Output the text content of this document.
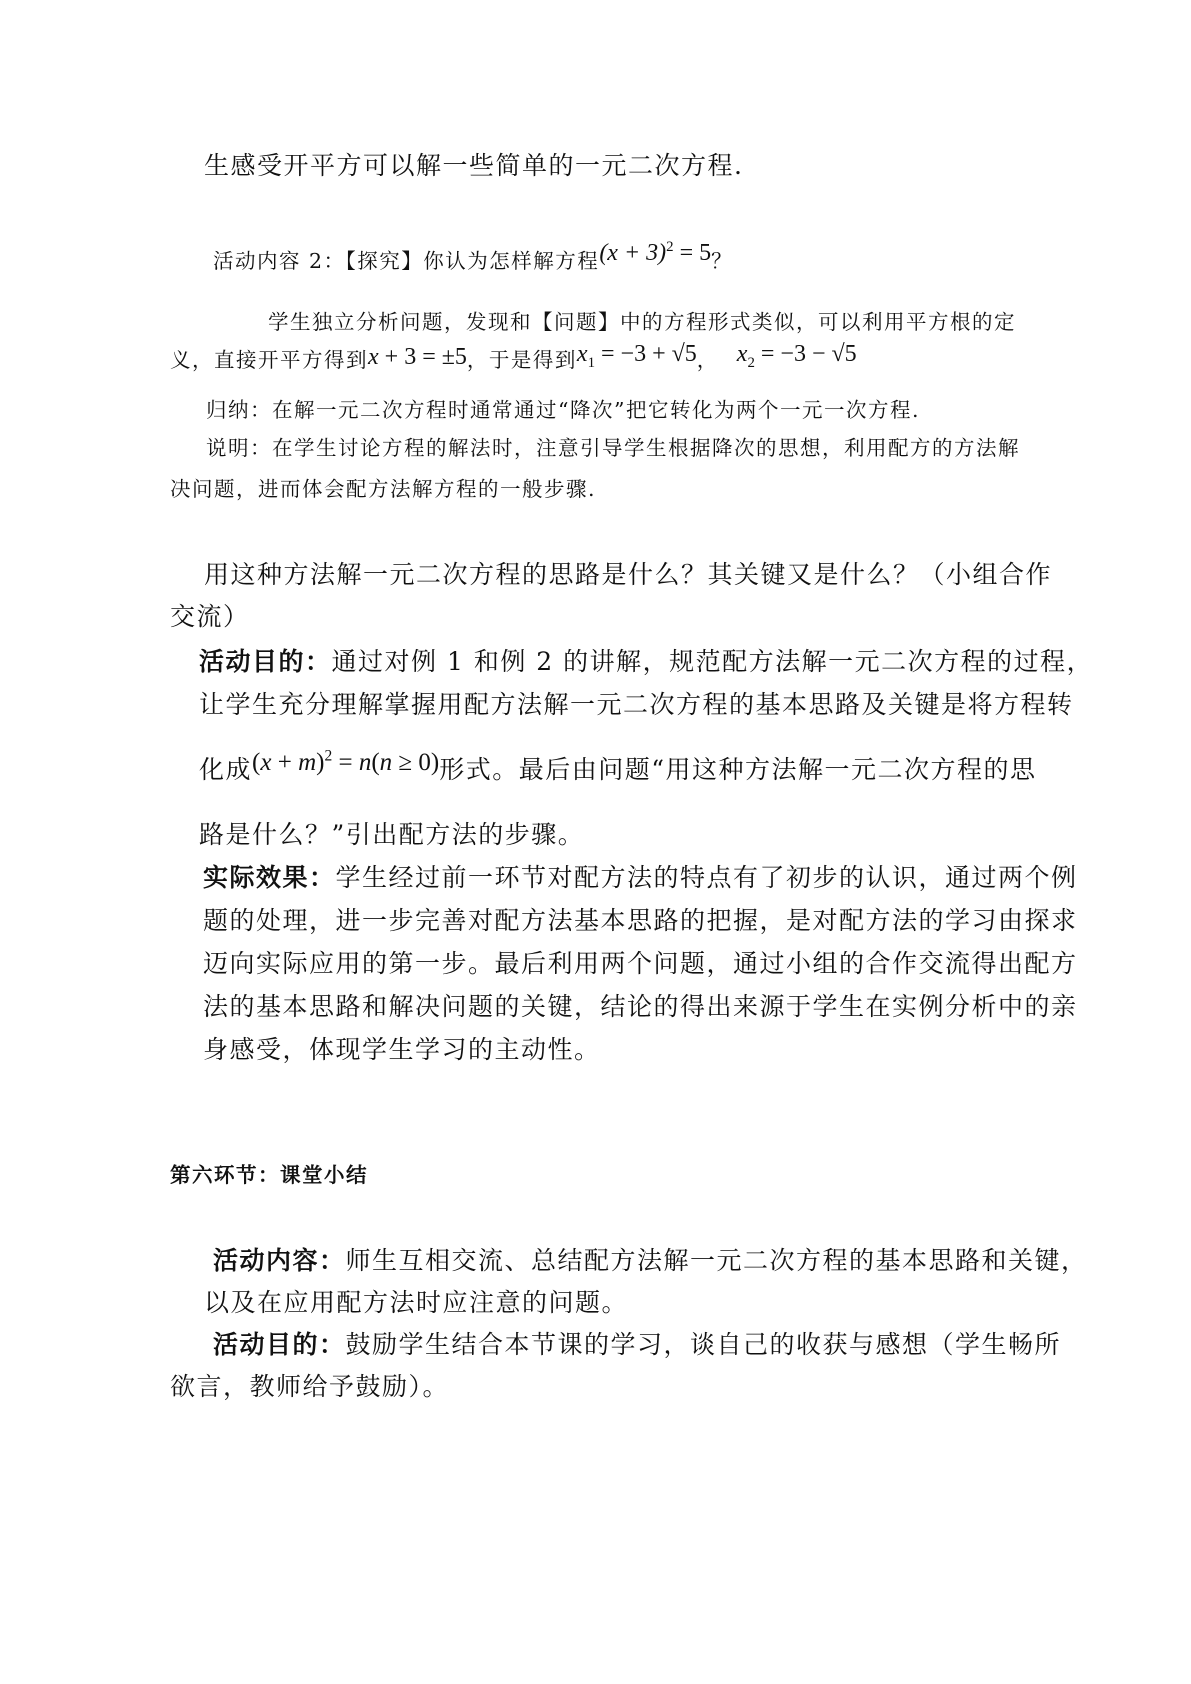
生感受开平方可以解一些简单的一元二次方程.
活动内容 2：【探究】你认为怎样解方程$(x + 3)^2 = 5$？
学生独立分析问题，发现和【问题】中的方程形式类似，可以利用平方根的定
义，直接开平方得到x + 3 = ±5，于是得到$x_1 = -3 + √5$， $x_2 = -3 - √5$
归纳：在解一元二次方程时通常通过“降次”把它转化为两个一元一次方程.
说明：在学生讨论方程的解法时，注意引导学生根据降次的思想，利用配方的方法解
决问题，进而体会配方法解方程的一般步骤.
用这种方法解一元二次方程的思路是什么？其关键又是什么？（小组合作
交流）
活动目的：通过对例 1 和例 2 的讲解，规范配方法解一元二次方程的过程，
让学生充分理解掌握用配方法解一元二次方程的基本思路及关键是将方程转
化成$(x + m)^2 = n(n \ge 0)$形式。最后由问题“用这种方法解一元二次方程的思
路是什么？”引出配方法的步骤。
实际效果：学生经过前一环节对配方法的特点有了初步的认识，通过两个例
题的处理，进一步完善对配方法基本思路的把握，是对配方法的学习由探求
迈向实际应用的第一步。最后利用两个问题，通过小组的合作交流得出配方
法的基本思路和解决问题的关键，结论的得出来源于学生在实例分析中的亲
身感受，体现学生学习的主动性。
第六环节：课堂小结
活动内容：师生互相交流、总结配方法解一元二次方程的基本思路和关键，
以及在应用配方法时应注意的问题。
活动目的：鼓励学生结合本节课的学习，谈自己的收获与感想（学生畅所
欲言，教师给予鼓励）。
